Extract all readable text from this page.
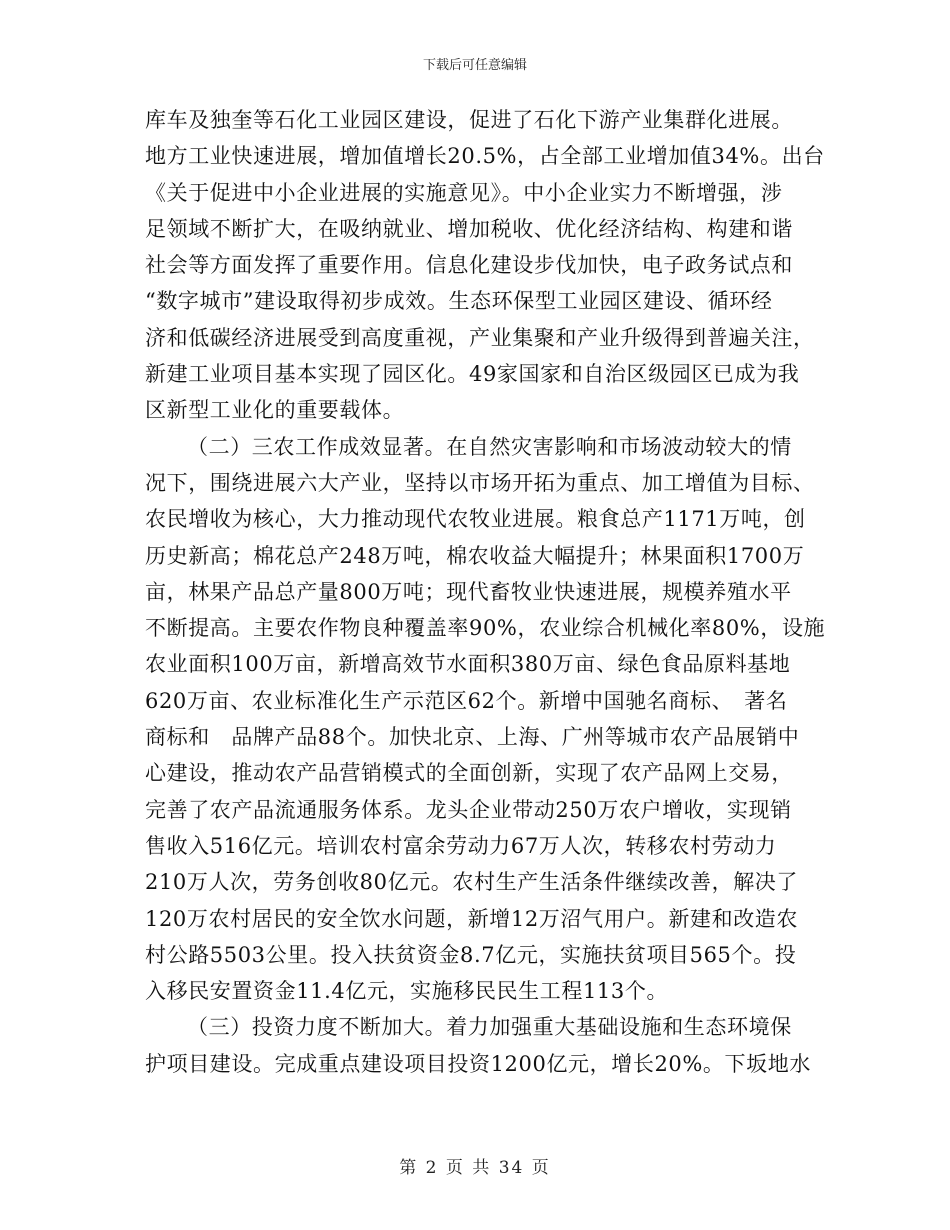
下载后可任意编辑
库车及独奎等石化工业园区建设，促进了石化下游产业集群化进展。
地方工业快速进展，增加值增长20.5%，占全部工业增加值34%。出台
《关于促进中小企业进展的实施意见》。中小企业实力不断增强，涉
足领域不断扩大，在吸纳就业、增加税收、优化经济结构、构建和谐
社会等方面发挥了重要作用。信息化建设步伐加快，电子政务试点和
“数字城市”建设取得初步成效。生态环保型工业园区建设、循环经
济和低碳经济进展受到高度重视，产业集聚和产业升级得到普遍关注，
新建工业项目基本实现了园区化。49家国家和自治区级园区已成为我
区新型工业化的重要载体。
（二）三农工作成效显著。在自然灾害影响和市场波动较大的情
况下，围绕进展六大产业，坚持以市场开拓为重点、加工增值为目标、
农民增收为核心，大力推动现代农牧业进展。粮食总产1171万吨，创
历史新高；棉花总产248万吨，棉农收益大幅提升；林果面积1700万
亩，林果产品总产量800万吨；现代畜牧业快速进展，规模养殖水平
不断提高。主要农作物良种覆盖率90%，农业综合机械化率80%，设施
农业面积100万亩，新增高效节水面积380万亩、绿色食品原料基地
620万亩、农业标准化生产示范区62个。新增中国驰名商标、　著名
商标和　品牌产品88个。加快北京、上海、广州等城市农产品展销中
心建设，推动农产品营销模式的全面创新，实现了农产品网上交易，
完善了农产品流通服务体系。龙头企业带动250万农户增收，实现销
售收入516亿元。培训农村富余劳动力67万人次，转移农村劳动力
210万人次，劳务创收80亿元。农村生产生活条件继续改善，解决了
120万农村居民的安全饮水问题，新增12万沼气用户。新建和改造农
村公路5503公里。投入扶贫资金8.7亿元，实施扶贫项目565个。投
入移民安置资金11.4亿元，实施移民民生工程113个。
（三）投资力度不断加大。着力加强重大基础设施和生态环境保
护项目建设。完成重点建设项目投资1200亿元，增长20%。下坂地水
第 2 页 共 34 页
